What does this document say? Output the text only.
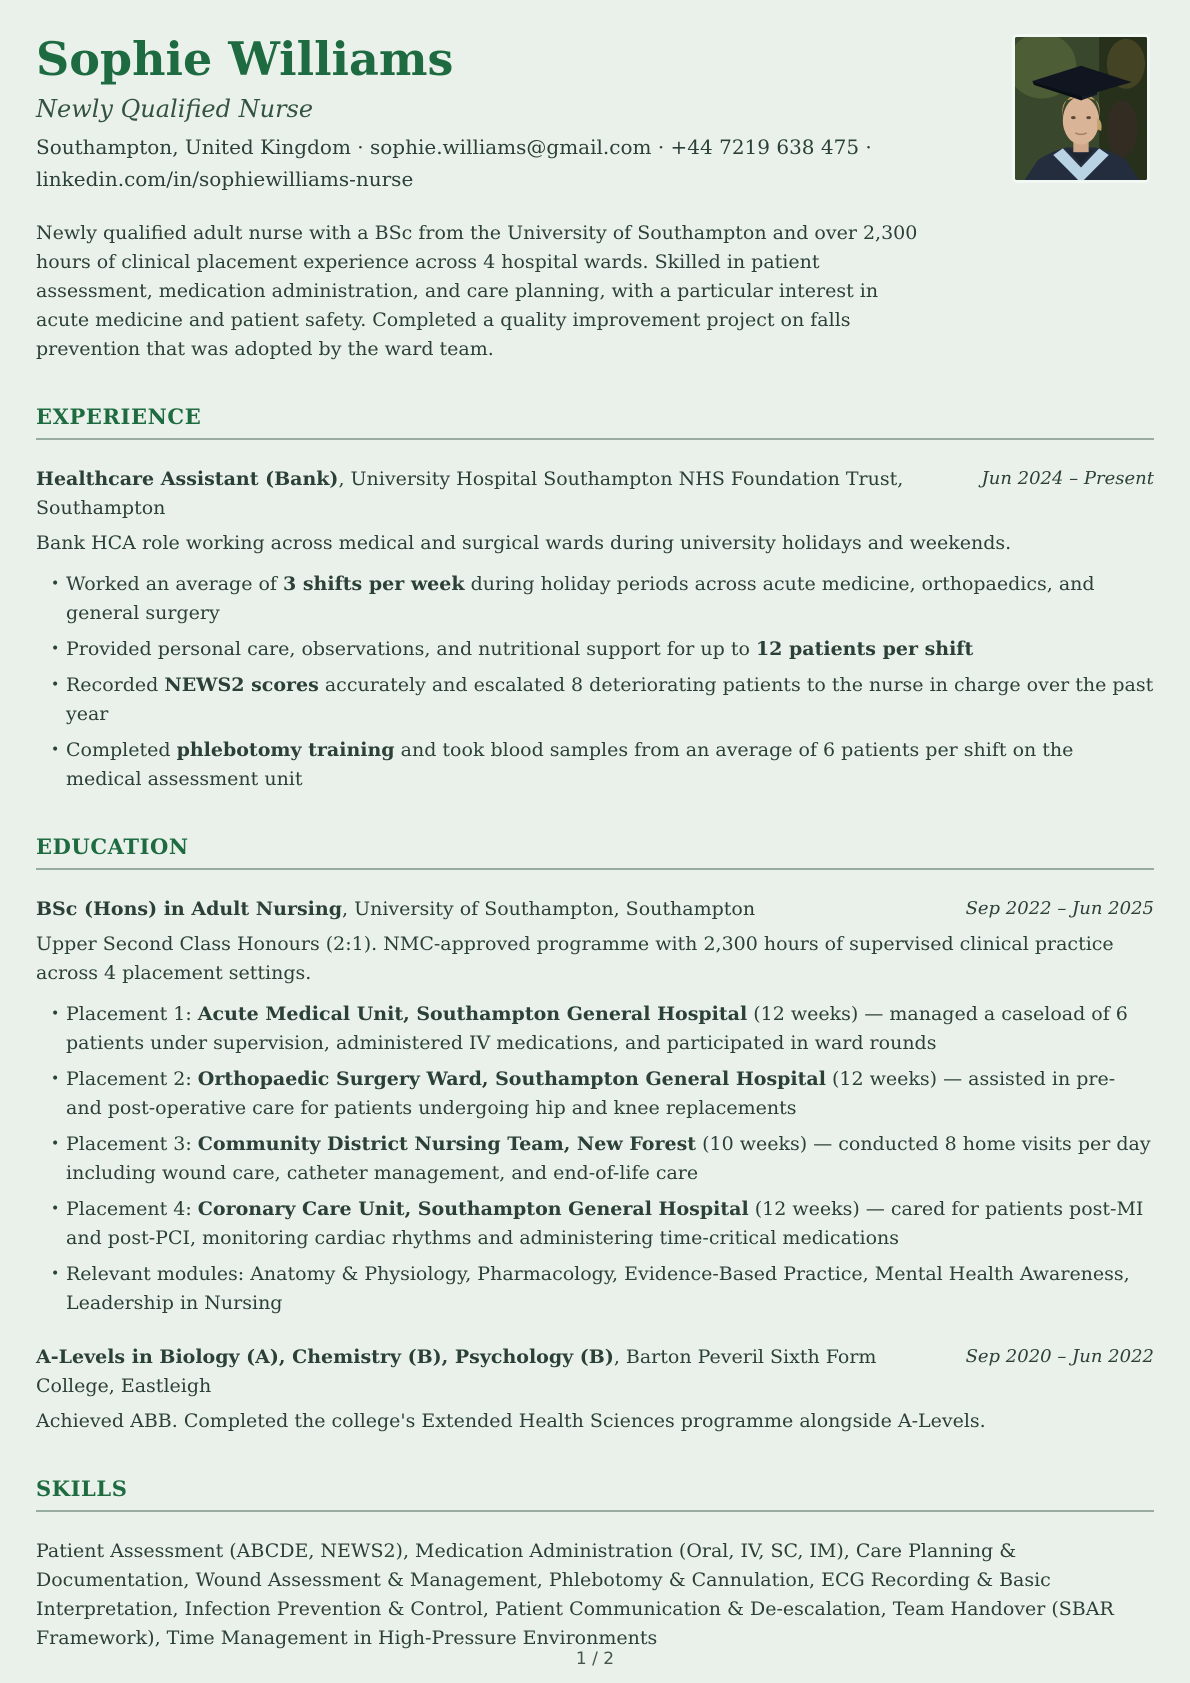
Sophie Williams
Newly Qualified Nurse
Southampton, United Kingdom · sophie.williams@gmail.com · +44 7219 638 475 ·
linkedin.com/in/sophiewilliams-nurse

Newly qualified adult nurse with a BSc from the University of Southampton and over 2,300 hours of clinical placement experience across 4 hospital wards. Skilled in patient assessment, medication administration, and care planning, with a particular interest in acute medicine and patient safety. Completed a quality improvement project on falls prevention that was adopted by the ward team.

EXPERIENCE
Healthcare Assistant (Bank), University Hospital Southampton NHS Foundation Trust, Southampton
Jun 2024 – Present

Bank HCA role working across medical and surgical wards during university holidays and weekends.

• Worked an average of 3 shifts per week during holiday periods across acute medicine, orthopaedics, and general surgery
• Provided personal care, observations, and nutritional support for up to 12 patients per shift
• Recorded NEWS2 scores accurately and escalated 8 deteriorating patients to the nurse in charge over the past year
• Completed phlebotomy training and took blood samples from an average of 6 patients per shift on the medical assessment unit
EDUCATION
BSc (Hons) in Adult Nursing, University of Southampton, Southampton	Sep 2022 – Jun 2025

Upper Second Class Honours (2:1). NMC-approved programme with 2,300 hours of supervised clinical practice across 4 placement settings.

• Placement 1: Acute Medical Unit, Southampton General Hospital (12 weeks) — managed a caseload of 6 patients under supervision, administered IV medications, and participated in ward rounds
• Placement 2: Orthopaedic Surgery Ward, Southampton General Hospital (12 weeks) — assisted in pre- and post-operative care for patients undergoing hip and knee replacements
• Placement 3: Community District Nursing Team, New Forest (10 weeks) — conducted 8 home visits per day including wound care, catheter management, and end-of-life care
• Placement 4: Coronary Care Unit, Southampton General Hospital (12 weeks) — cared for patients post-MI and post-PCI, monitoring cardiac rhythms and administering time-critical medications
• Relevant modules: Anatomy & Physiology, Pharmacology, Evidence-Based Practice, Mental Health Awareness, Leadership in Nursing
A-Levels in Biology (A), Chemistry (B), Psychology (B), Barton Peveril Sixth Form College, Eastleigh
Sep 2020 – Jun 2022

Achieved ABB. Completed the college's Extended Health Sciences programme alongside A-Levels.

SKILLS

Patient Assessment (ABCDE, NEWS2), Medication Administration (Oral, IV, SC, IM), Care Planning & Documentation, Wound Assessment & Management, Phlebotomy & Cannulation, ECG Recording & Basic Interpretation, Infection Prevention & Control, Patient Communication & De-escalation, Team Handover (SBAR Framework), Time Management in High-Pressure Environments

1 / 2
